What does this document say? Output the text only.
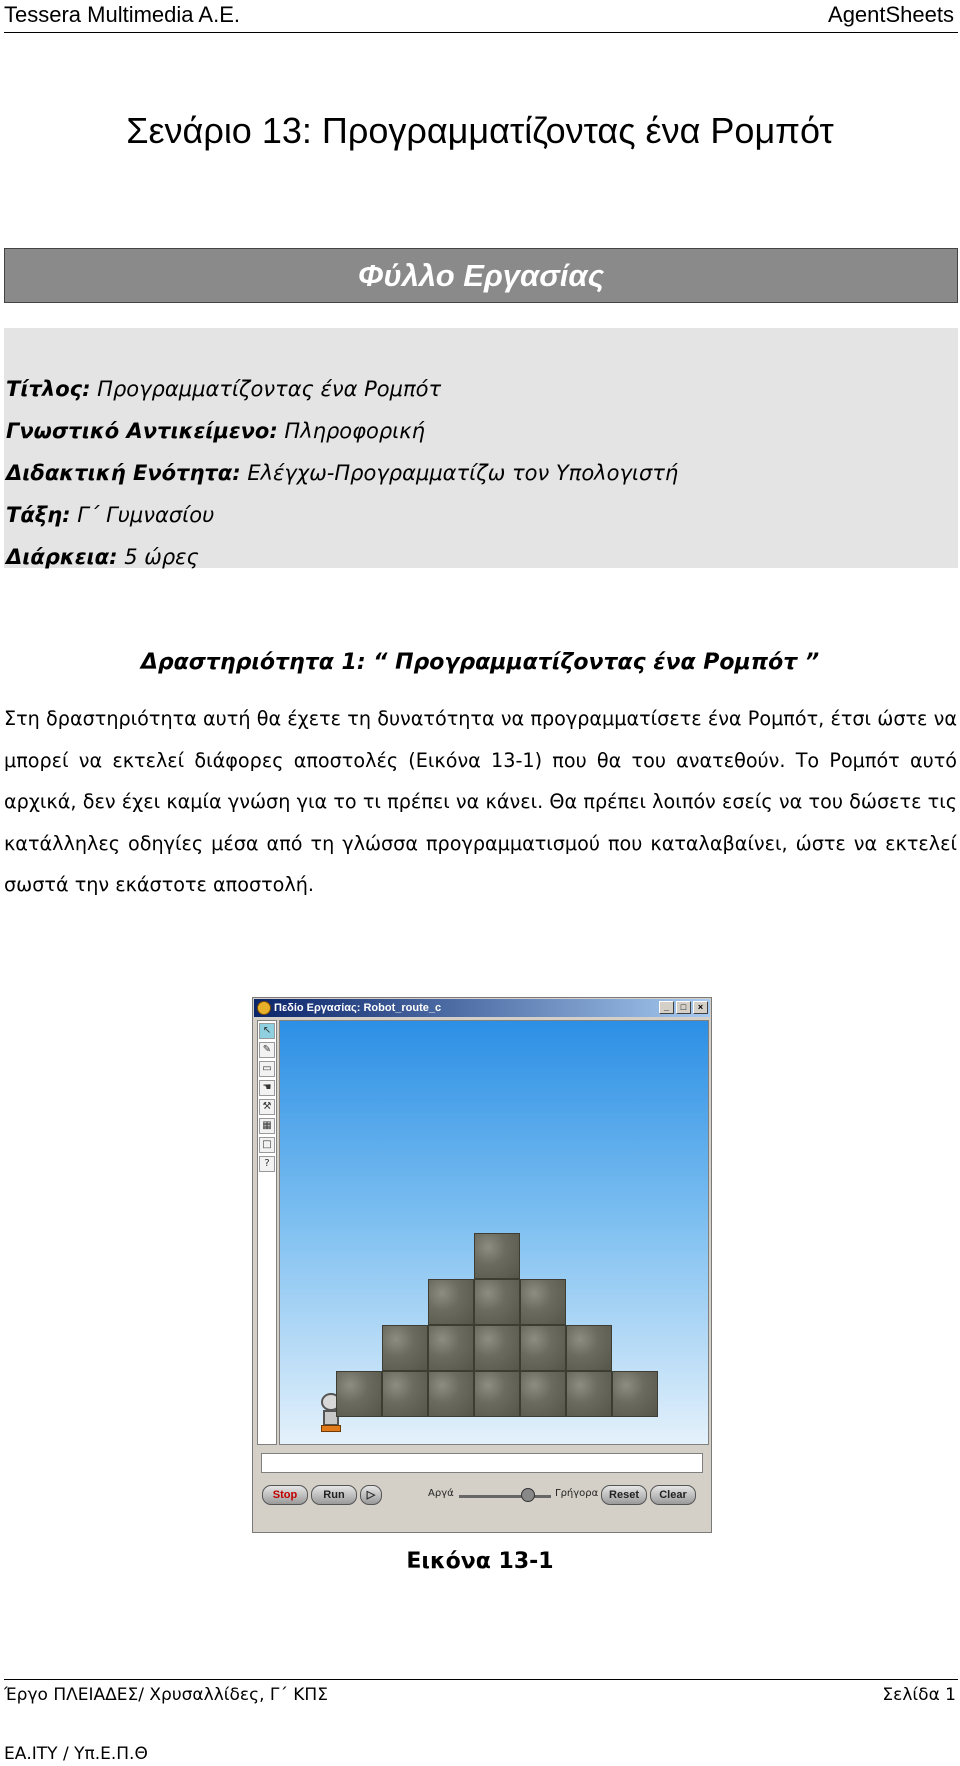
Tessera Multimedia A.E.	AgentSheets
Σενάριο 13: Προγραμματίζοντας ένα Ρομπότ
Φύλλο Εργασίας
Τίτλος: Προγραμματίζοντας ένα Ρομπότ
Γνωστικό Αντικείμενο: Πληροφορική
Διδακτική Ενότητα: Ελέγχω-Προγραμματίζω τον Υπολογιστή
Τάξη: Γ΄ Γυμνασίου
Διάρκεια: 5 ώρες
Δραστηριότητα 1: “ Προγραμματίζοντας ένα Ρομπότ ”
Στη δραστηριότητα αυτή θα έχετε τη δυνατότητα να προγραμματίσετε ένα Ρομπότ, έτσι ώστε να μπορεί να εκτελεί διάφορες αποστολές (Εικόνα 13-1) που θα του ανατεθούν. Το Ρομπότ αυτό αρχικά, δεν έχει καμία γνώση για το τι πρέπει να κάνει. Θα πρέπει λοιπόν εσείς να του δώσετε τις κατάλληλες οδηγίες μέσα από τη γλώσσα προγραμματισμού που καταλαβαίνει, ώστε να εκτελεί σωστά την εκάστοτε αποστολή.
Πεδίο Εργασίας: Robot_route_c	_	□	×
↖
✎
▭
☚
⚒
▦
□
?
Stop	Run	▷	Αργά	Γρήγορα Reset	Clear
Εικόνα 13-1
Έργο ΠΛΕΙΑΔΕΣ/ Χρυσαλλίδες, Γ΄ ΚΠΣ	Σελίδα 1
ΕΑ.ΙΤΥ / Υπ.Ε.Π.Θ
